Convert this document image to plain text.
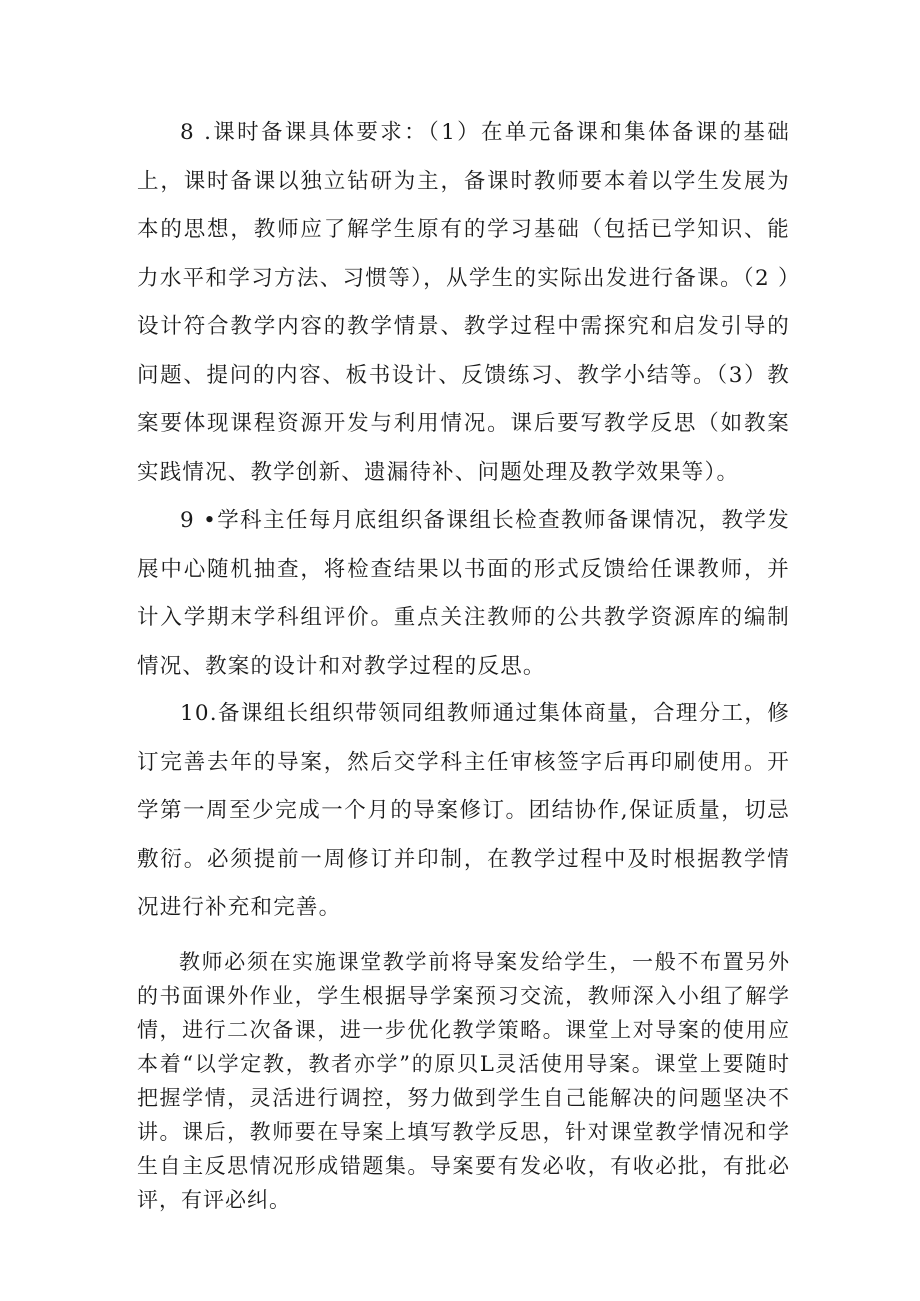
8 .课时备课具体要求：（1）在单元备课和集体备课的基础上，课时备课以独立钻研为主，备课时教师要本着以学生发展为本的思想，教师应了解学生原有的学习基础（包括已学知识、能力水平和学习方法、习惯等），从学生的实际出发进行备课。（2 ）设计符合教学内容的教学情景、教学过程中需探究和启发引导的问题、提问的内容、板书设计、反馈练习、教学小结等。（3）教案要体现课程资源开发与利用情况。课后要写教学反思（如教案实践情况、教学创新、遗漏待补、问题处理及教学效果等）。

9 •学科主任每月底组织备课组长检查教师备课情况，教学发展中心随机抽查，将检查结果以书面的形式反馈给任课教师，并计入学期末学科组评价。重点关注教师的公共教学资源库的编制情况、教案的设计和对教学过程的反思。

10.备课组长组织带领同组教师通过集体商量，合理分工，修订完善去年的导案，然后交学科主任审核签字后再印刷使用。开学第一周至少完成一个月的导案修订。团结协作,保证质量，切忌敷衍。必须提前一周修订并印制，在教学过程中及时根据教学情况进行补充和完善。

教师必须在实施课堂教学前将导案发给学生，一般不布置另外的书面课外作业，学生根据导学案预习交流，教师深入小组了解学情，进行二次备课，进一步优化教学策略。课堂上对导案的使用应本着“以学定教，教者亦学”的原贝L灵活使用导案。课堂上要随时把握学情，灵活进行调控，努力做到学生自己能解决的问题坚决不讲。课后，教师要在导案上填写教学反思，针对课堂教学情况和学生自主反思情况形成错题集。导案要有发必收，有收必批，有批必评，有评必纠。
